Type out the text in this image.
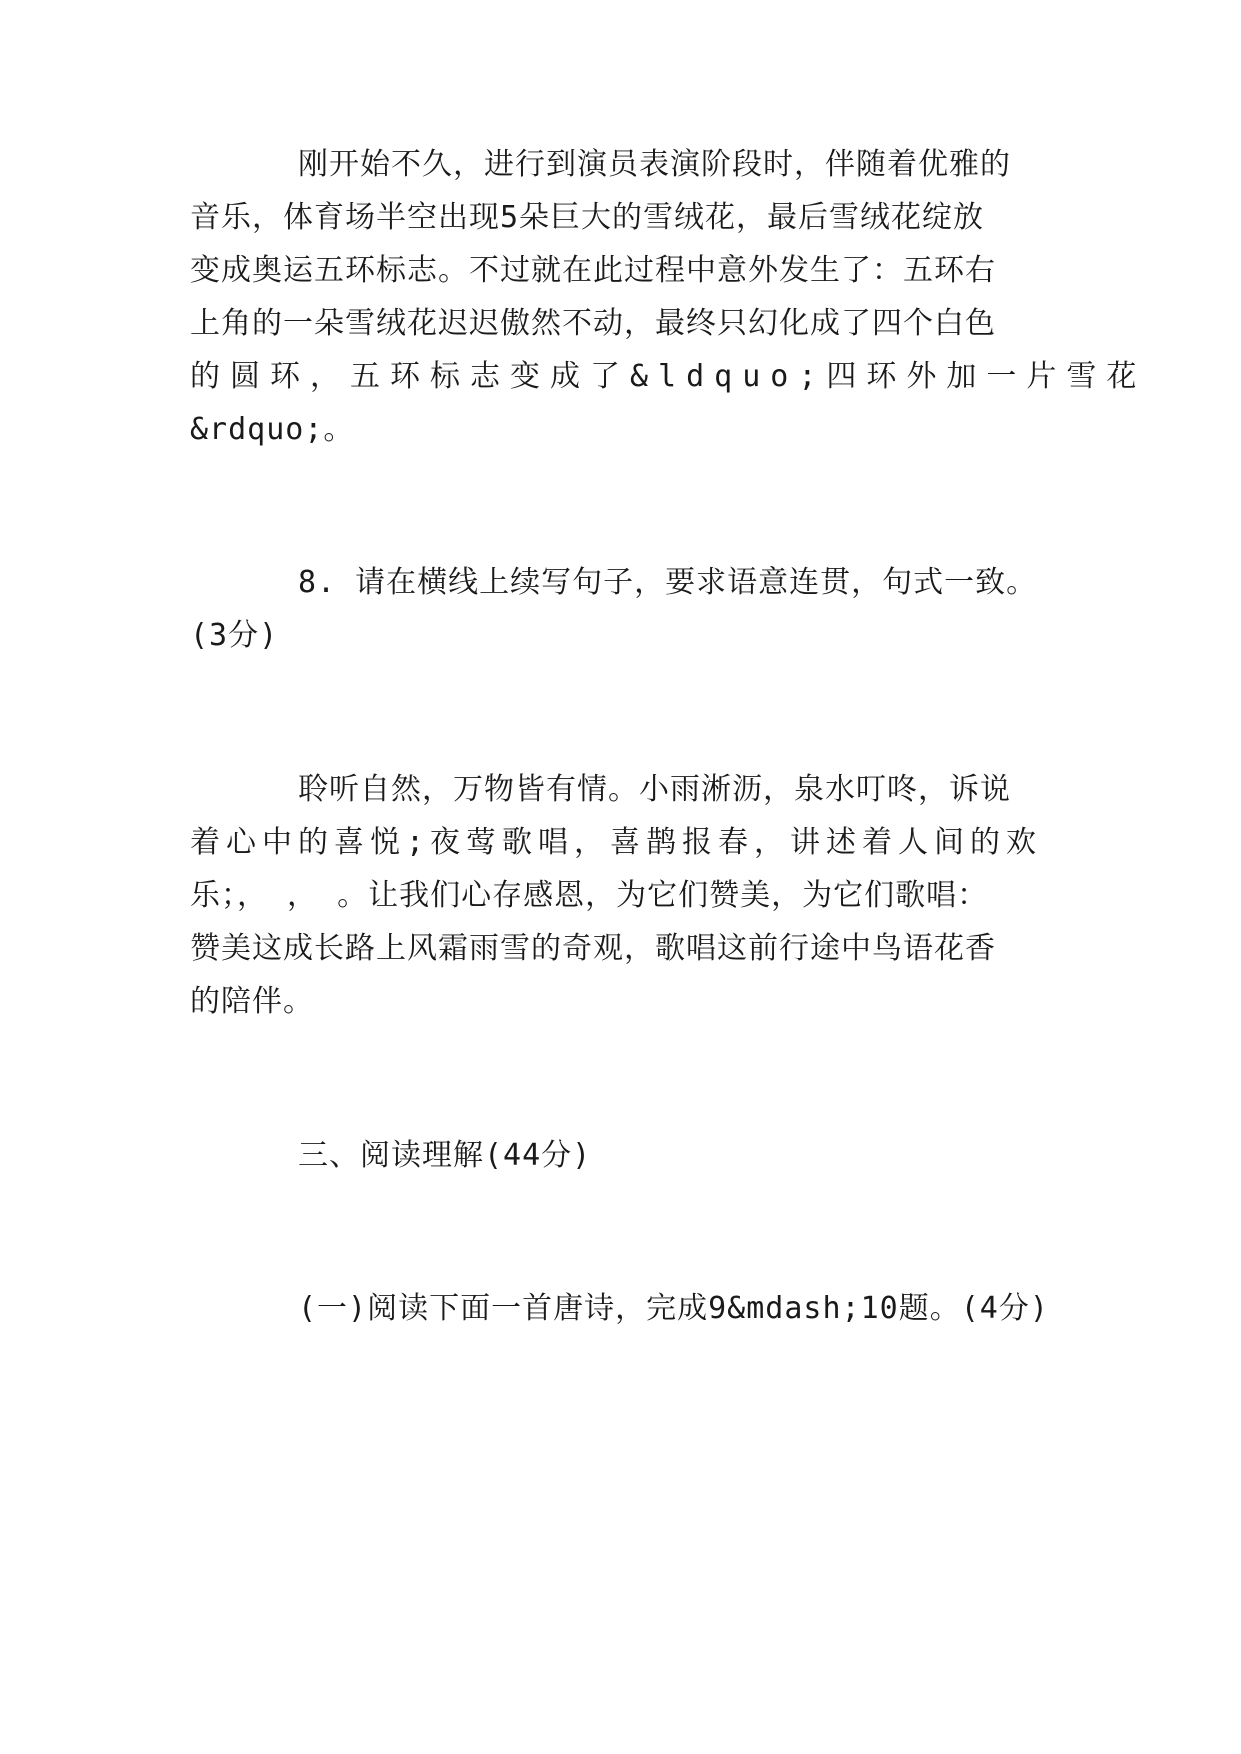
刚开始不久，进行到演员表演阶段时，伴随着优雅的
音乐，体育场半空出现5朵巨大的雪绒花，最后雪绒花绽放
变成奥运五环标志。不过就在此过程中意外发生了：五环右
上角的一朵雪绒花迟迟傲然不动，最终只幻化成了四个白色
的圆环，五环标志变成了&ldquo;四环外加一片雪花
&rdquo;。
8. 请在横线上续写句子，要求语意连贯，句式一致。
(3分)
聆听自然，万物皆有情。小雨淅沥，泉水叮咚，诉说
着心中的喜悦;夜莺歌唱，喜鹊报春，讲述着人间的欢
乐；， ， 。让我们心存感恩，为它们赞美，为它们歌唱：
赞美这成长路上风霜雨雪的奇观，歌唱这前行途中鸟语花香
的陪伴。
三、阅读理解(44分)
(一)阅读下面一首唐诗，完成9&mdash;10题。(4分)
